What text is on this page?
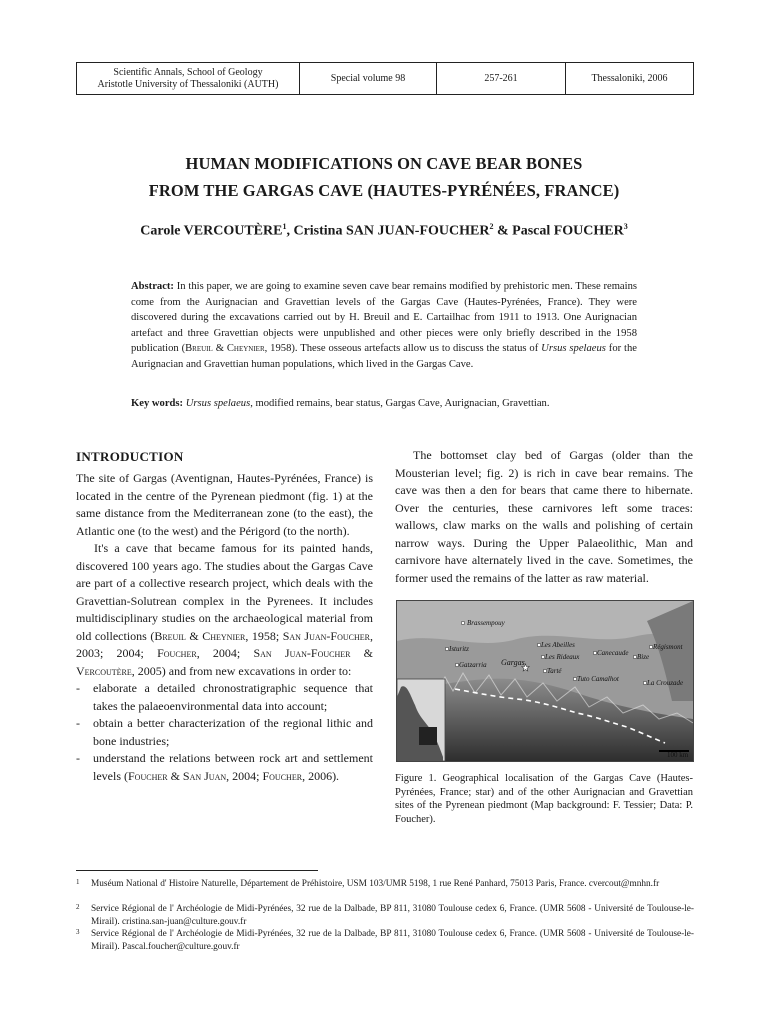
Scientific Annals, School of Geology
Aristotle University of Thessaloniki (AUTH)
Special volume 98	257-261	Thessaloniki, 2006
HUMAN MODIFICATIONS ON CAVE BEAR BONES
FROM THE GARGAS CAVE (HAUTES-PYRÉNÉES, FRANCE)
Carole VERCOUTÈRE$^1$, Cristina SAN JUAN-FOUCHER$^2$ & Pascal FOUCHER$^3$
Abstract: In this paper, we are going to examine seven cave bear remains modified by prehistoric men. These remains come from the Aurignacian and Gravettian levels of the Gargas Cave (Hautes-Pyrénées, France). They were discovered during the excavations carried out by H. Breuil and E. Cartailhac from 1911 to 1913. One Aurignacian artefact and three Gravettian objects were unpublished and other pieces were only briefly described in the 1958 publication (Breuil & Cheynier, 1958). These osseous artefacts allow us to discuss the status of Ursus spelaeus for the Aurignacian and Gravettian human populations, which lived in the Gargas Cave.
Key words: Ursus spelaeus, modified remains, bear status, Gargas Cave, Aurignacian, Gravettian.
INTRODUCTION

The site of Gargas (Aventignan, Hautes-Pyrénées, France) is located in the centre of the Pyrenean piedmont (fig. 1) at the same distance from the Mediterranean zone (to the east), the Atlantic one (to the west) and the Périgord (to the north).

It's a cave that became famous for its painted hands, discovered 100 years ago. The studies about the Gargas Cave are part of a collective research project, which deals with the Gravettian-Solutrean complex in the Pyrenees. It includes multidisciplinary studies on the archaeological material from old collections (Breuil & Cheynier, 1958; San Juan-Foucher, 2003; 2004; Foucher, 2004; San Juan-Foucher & Vercoutère, 2005) and from new excavations in order to:

- elaborate a detailed chronostratigraphic sequence that takes the palaeoenvironmental data into account;
- obtain a better characterization of the regional lithic and bone industries;
- understand the relations between rock art and settlement levels (Foucher & San Juan, 2004; Foucher, 2006).
The bottomset clay bed of Gargas (older than the Mousterian level; fig. 2) is rich in cave bear remains. The cave was then a den for bears that came there to hibernate. Over the centuries, these carnivores left some traces: wallows, claw marks on the walls and polishing of certain narrow ways. During the Upper Palaeolithic, Man and carnivore have alternately lived in the cave. Sometimes, the former used the remains of the latter as raw material.
Brassempouy
Isturitz
Gatzarria Gargas
Les Abeilles
Les Rideaux
Tarté
Canecaude
Régismont
Bize
La Crouzade
Tuto Camalhot
100 km
★
Figure 1. Geographical localisation of the Gargas Cave (Hautes-Pyrénées, France; star) and of the other Aurignacian and Gravettian sites of the Pyrenean piedmont (Map background: F. Tessier; Data: P. Foucher).
1 Muséum National d' Histoire Naturelle, Département de Préhistoire, USM 103/UMR 5198, 1 rue René Panhard, 75013 Paris, France. cvercout@mnhn.fr
2 Service Régional de l' Archéologie de Midi-Pyrénées, 32 rue de la Dalbade, BP 811, 31080 Toulouse cedex 6, France. (UMR 5608 - Université de Toulouse-le-Mirail). cristina.san-juan@culture.gouv.fr
3 Service Régional de l' Archéologie de Midi-Pyrénées, 32 rue de la Dalbade, BP 811, 31080 Toulouse cedex 6, France. (UMR 5608 - Université de Toulouse-le-Mirail). Pascal.foucher@culture.gouv.fr
